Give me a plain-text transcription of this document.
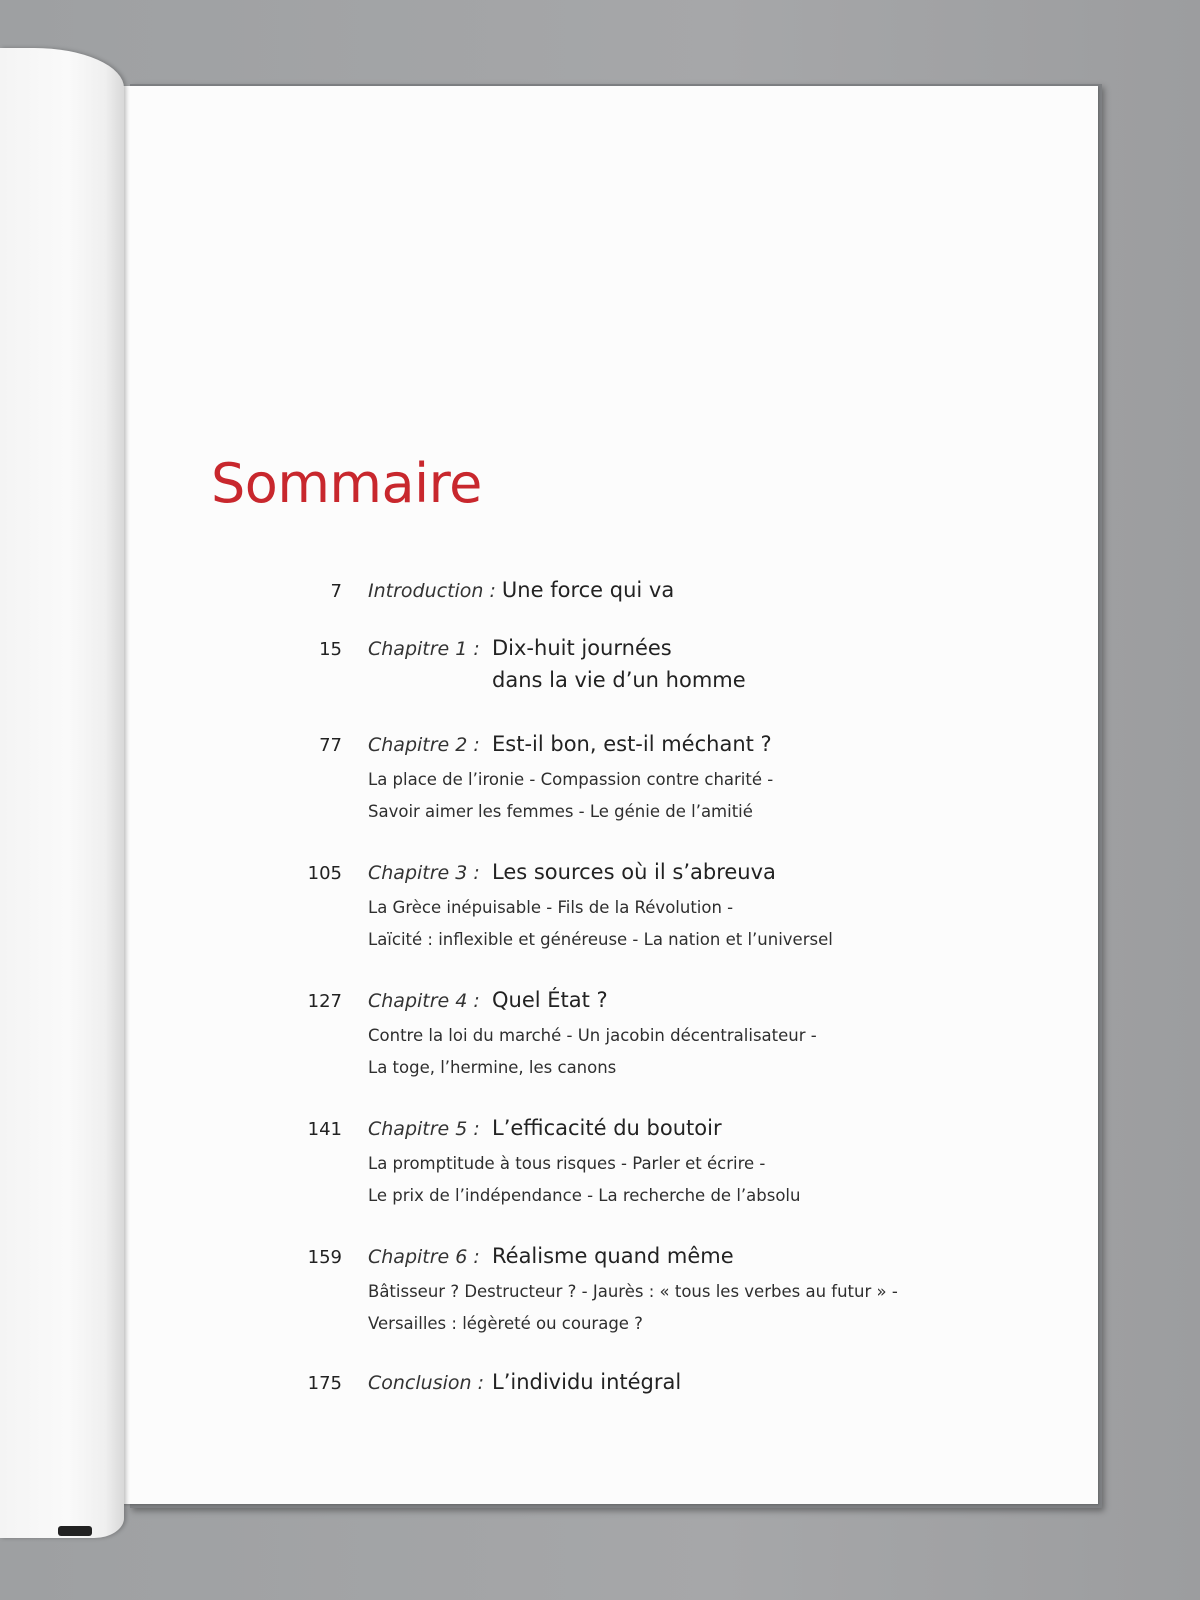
Sommaire
7 Introduction : Une force qui va
15 Chapitre 1 : Dix-huit journées
dans la vie d’un homme
77 Chapitre 2 : Est-il bon, est-il méchant ?
La place de l’ironie - Compassion contre charité -
Savoir aimer les femmes - Le génie de l’amitié
105 Chapitre 3 : Les sources où il s’abreuva
La Grèce inépuisable - Fils de la Révolution -
Laïcité : inflexible et généreuse - La nation et l’universel
127 Chapitre 4 : Quel État ?
Contre la loi du marché - Un jacobin décentralisateur -
La toge, l’hermine, les canons
141 Chapitre 5 : L’efficacité du boutoir
La promptitude à tous risques - Parler et écrire -
Le prix de l’indépendance - La recherche de l’absolu
159 Chapitre 6 : Réalisme quand même
Bâtisseur ? Destructeur ? - Jaurès : « tous les verbes au futur » -
Versailles : légèreté ou courage ?
175 Conclusion : L’individu intégral
